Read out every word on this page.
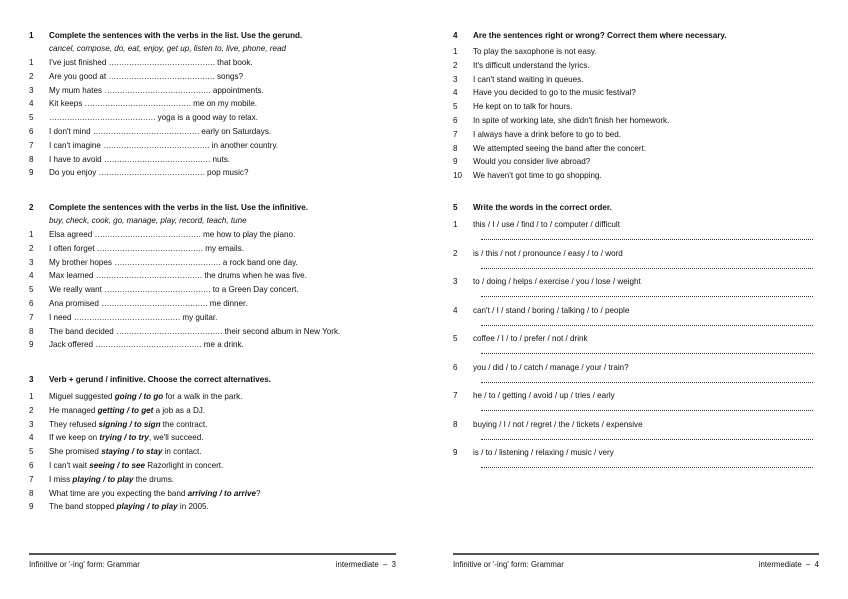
1	Complete the sentences with the verbs in the list. Use the gerund.
cancel, compose, do, eat, enjoy, get up, listen to, live, phone, read
1	I've just finished …………………………………… that book.
2	Are you good at …………………………………… songs?
3	My mum hates …………………………………… appointments.
4	Kit keeps …………………………………… me on my mobile.
5	…………………………………… yoga is a good way to relax.
6	I don't mind …………………………………… early on Saturdays.
7	I can't imagine …………………………………… in another country.
8	I have to avoid …………………………………… nuts.
9	Do you enjoy …………………………………… pop music?
2	Complete the sentences with the verbs in the list. Use the infinitive.
buy, check, cook, go, manage, play, record, teach, tune
1	Elsa agreed …………………………………… me how to play the piano.
2	I often forget …………………………………… my emails.
3	My brother hopes …………………………………… a rock band one day.
4	Max learned …………………………………… the drums when he was five.
5	We really want …………………………………… to a Green Day concert.
6	Ana promised …………………………………… me dinner.
7	I need …………………………………… my guitar.
8	The band decided …………………………………… their second album in New York.
9	Jack offered …………………………………… me a drink.
3	Verb + gerund / infinitive. Choose the correct alternatives.
1	Miguel suggested going / to go for a walk in the park.
2	He managed getting / to get a job as a DJ.
3	They refused signing / to sign the contract.
4	If we keep on trying / to try , we'll succeed.
5	She promised staying / to stay in contact.
6	I can't wait seeing / to see Razorlight in concert.
7	I miss playing / to play the drums.
8	What time are you expecting the band arriving / to arrive ?
9	The band stopped playing / to play in 2005.
4	Are the sentences right or wrong? Correct them where necessary.
1	To play the saxophone is not easy.
2	It's difficult understand the lyrics.
3	I can't stand waiting in queues.
4	Have you decided to go to the music festival?
5	He kept on to talk for hours.
6	In spite of working late, she didn't finish her homework.
7	I always have a drink before to go to bed.
8	We attempted seeing the band after the concert.
9	Would you consider live abroad?
10	We haven't got time to go shopping.
5	Write the words in the correct order.
1	this / I / use / find / to / computer / difficult
2	is / this / not / pronounce / easy / to / word
3	to / doing / helps / exercise / you / lose / weight
4	can't / I / stand / boring / talking / to / people
5	coffee / I / to / prefer / not / drink
6	you / did / to / catch / manage / your / train?
7	he / to / getting / avoid / up / tries / early
8	buying / I / not / regret / the / tickets / expensive
9	is / to / listening / relaxing / music / very
Infinitive or '-ing' form: Grammar	intermediate  –  3	Infinitive or '-ing' form: Grammar	intermediate  –  4
